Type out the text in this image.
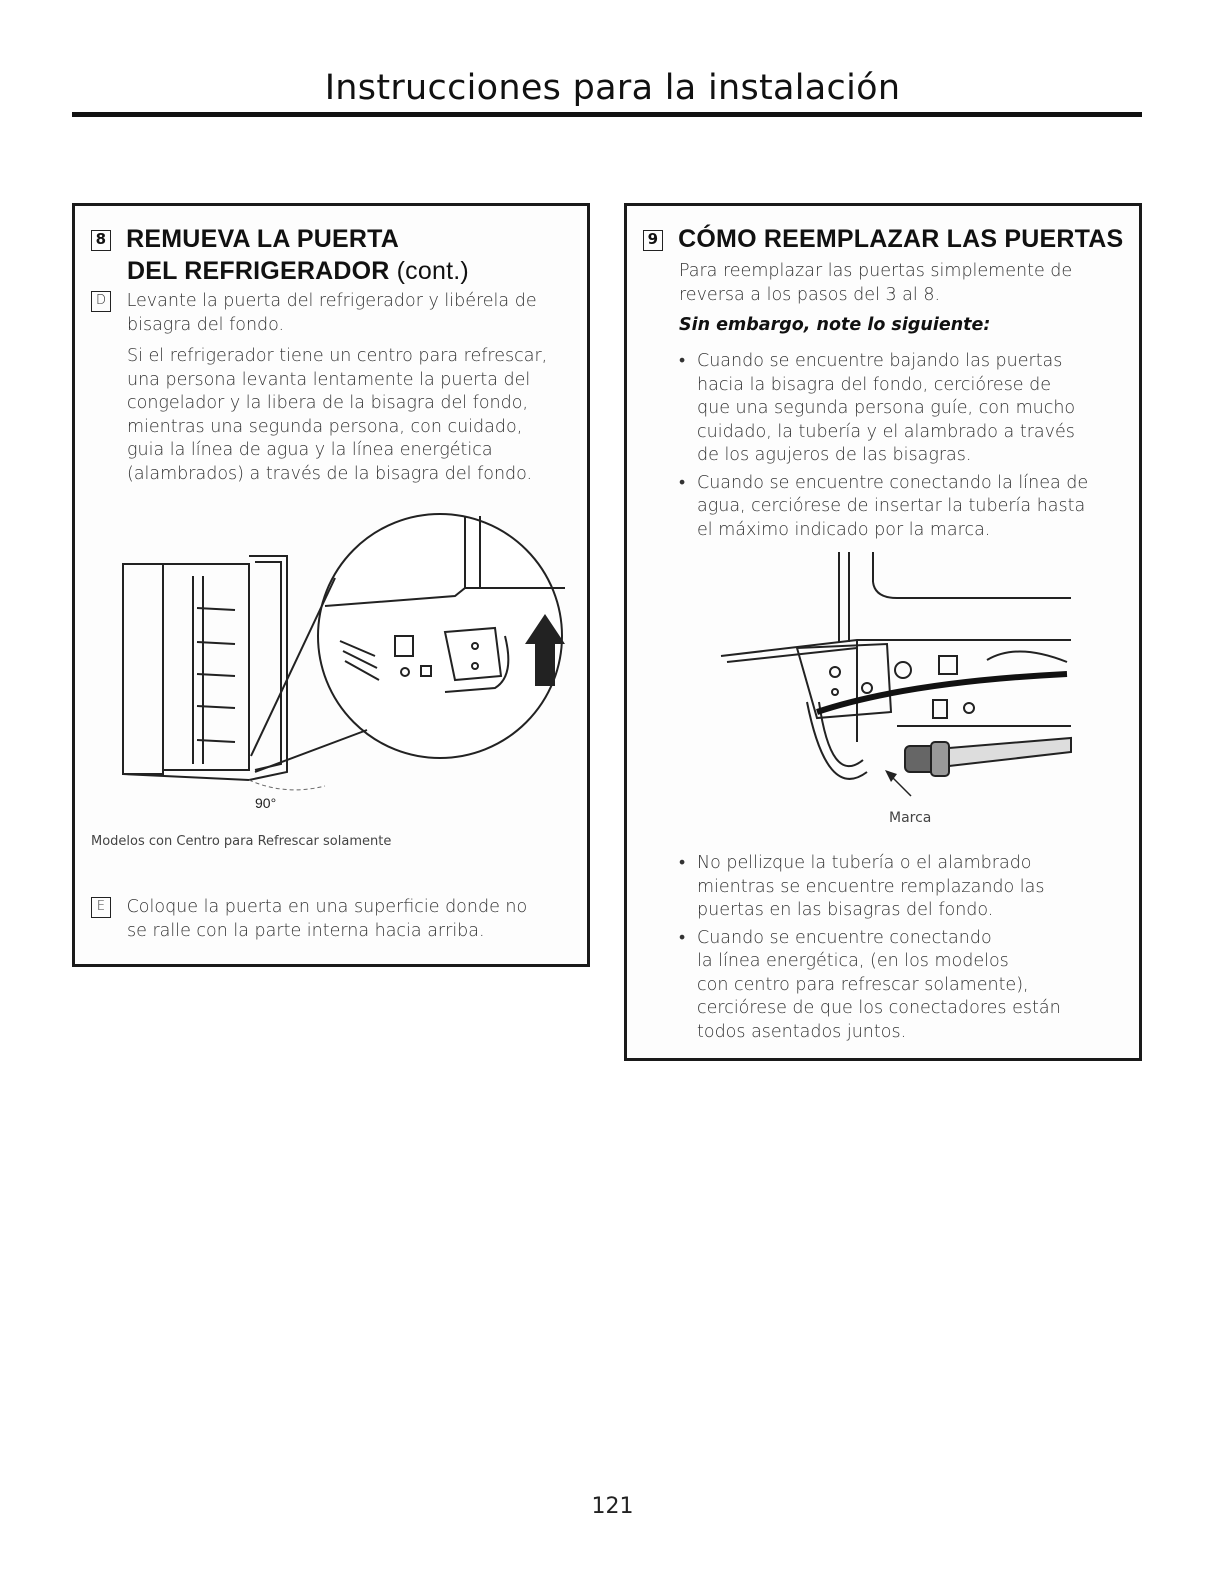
Instrucciones para la instalación
8 REMUEVA LA PUERTA
DEL REFRIGERADOR (cont.)
D Levante la puerta del refrigerador y libérela de
bisagra del fondo.
Si el refrigerador tiene un centro para refrescar,
una persona levanta lentamente la puerta del
congelador y la libera de la bisagra del fondo,
mientras una segunda persona, con cuidado,
guia la línea de agua y la línea energética
(alambrados) a través de la bisagra del fondo.
90°
Modelos con Centro para Refrescar solamente
E Coloque la puerta en una superficie donde no
se ralle con la parte interna hacia arriba.
9 CÓMO REEMPLAZAR LAS PUERTAS
Para reemplazar las puertas simplemente de
reversa a los pasos del 3 al 8.
Sin embargo, note lo siguiente:
• Cuando se encuentre bajando las puertas
hacia la bisagra del fondo, cerciórese de
que una segunda persona guíe, con mucho
cuidado, la tubería y el alambrado a través
de los agujeros de las bisagras.
• Cuando se encuentre conectando la línea de
agua, cerciórese de insertar la tubería hasta
el máximo indicado por la marca.
Marca
• No pellizque la tubería o el alambrado
mientras se encuentre remplazando las
puertas en las bisagras del fondo.
• Cuando se encuentre conectando
la línea energética, (en los modelos
con centro para refrescar solamente),
cerciórese de que los conectadores están
todos asentados juntos.
121
